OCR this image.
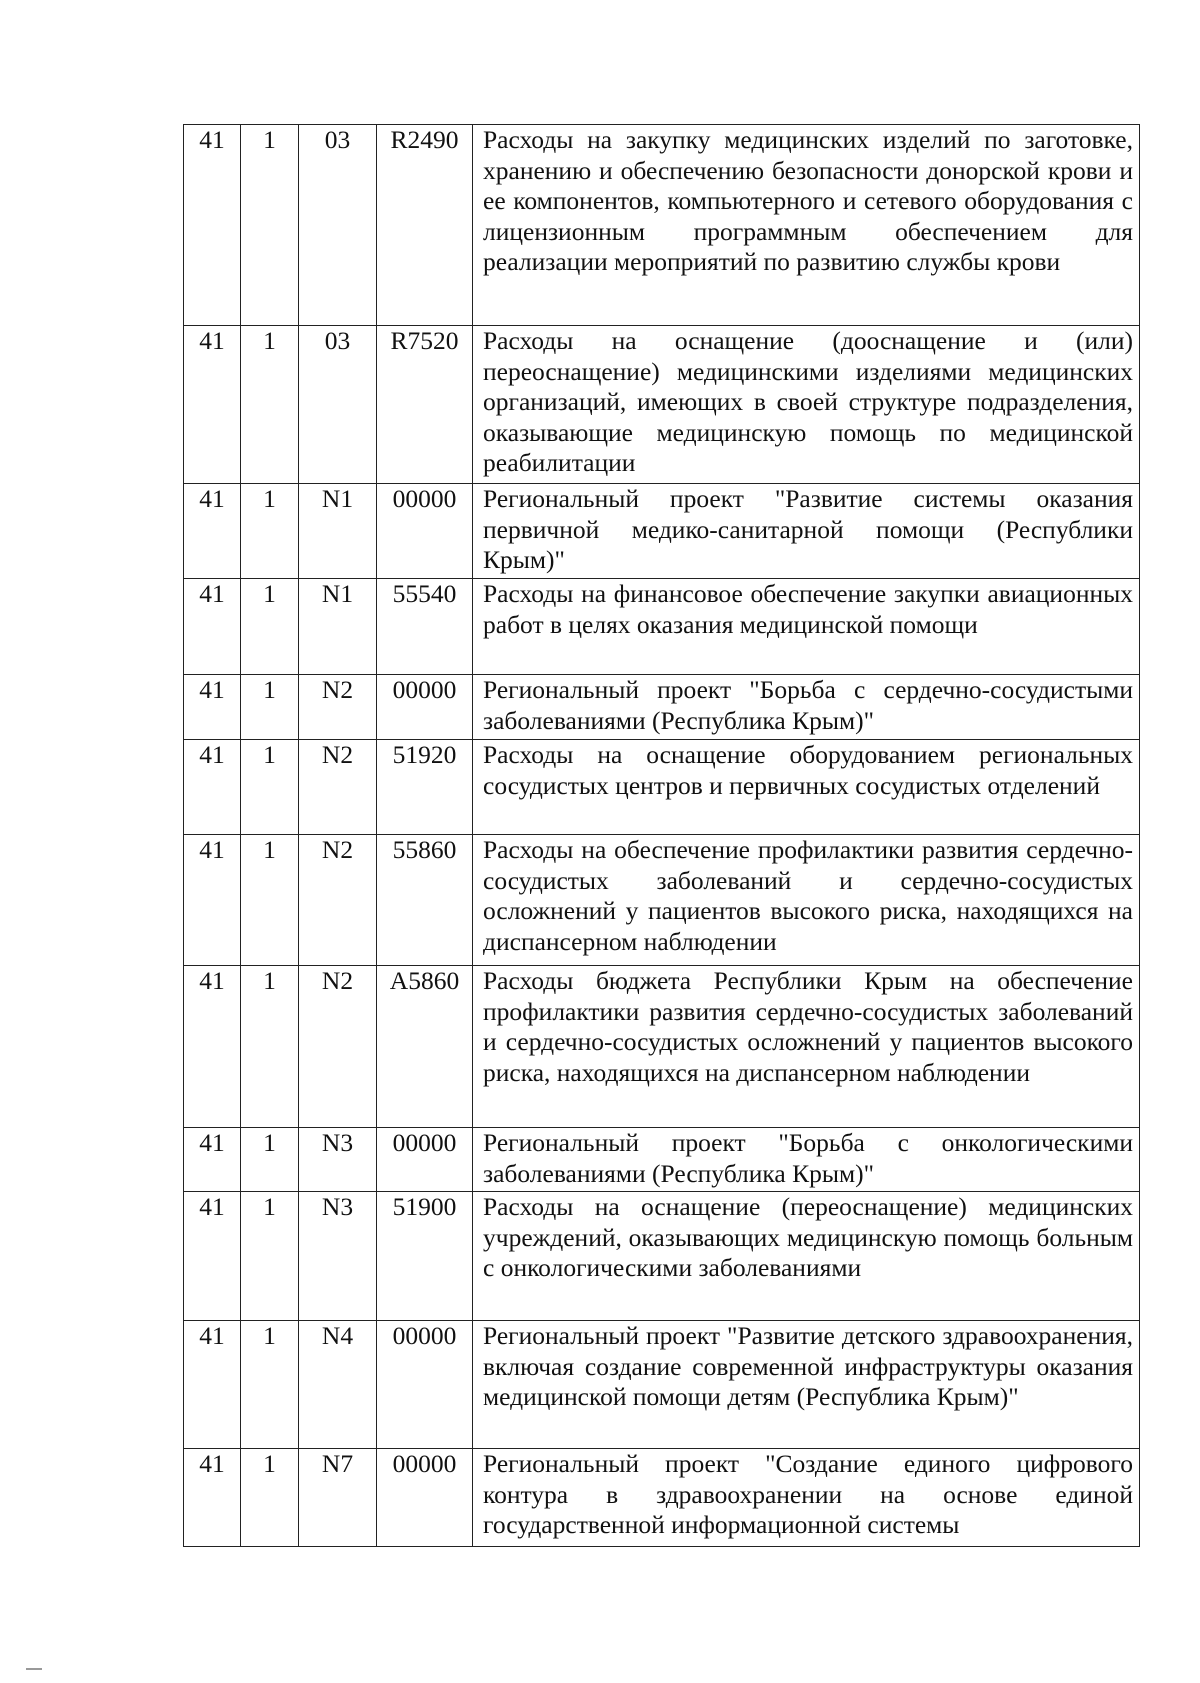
41	1	03	R2490	Расходы на закупку медицинских изделий по заготовке, хранению и обеспечению безопасности донорской крови и ее компонентов, компьютерного и сетевого оборудования с лицензионным программным обеспечением для реализации мероприятий по развитию службы крови
41	1	03	R7520	Расходы на оснащение (дооснащение и (или) переоснащение) медицинскими изделиями медицинских организаций, имеющих в своей структуре подразделения, оказывающие медицинскую помощь по медицинской реабилитации
41	1	N1	00000	Региональный проект "Развитие системы оказания первичной медико-санитарной помощи (Республики Крым)"
41	1	N1	55540	Расходы на финансовое обеспечение закупки авиационных работ в целях оказания медицинской помощи
41	1	N2	00000	Региональный проект "Борьба с сердечно-сосудистыми заболеваниями (Республика Крым)"
41	1	N2	51920	Расходы на оснащение оборудованием региональных сосудистых центров и первичных сосудистых отделений
41	1	N2	55860	Расходы на обеспечение профилактики развития сердечно-сосудистых заболеваний и сердечно-сосудистых осложнений у пациентов высокого риска, находящихся на диспансерном наблюдении
41	1	N2	А5860	Расходы бюджета Республики Крым на обеспечение профилактики развития сердечно-сосудистых заболеваний и сердечно-сосудистых осложнений у пациентов высокого риска, находящихся на диспансерном наблюдении
41	1	N3	00000	Региональный проект "Борьба с онкологическими заболеваниями (Республика Крым)"
41	1	N3	51900	Расходы на оснащение (переоснащение) медицинских учреждений, оказывающих медицинскую помощь больным с онкологическими заболеваниями
41	1	N4	00000	Региональный проект "Развитие детского здравоохранения, включая создание современной инфраструктуры оказания медицинской помощи детям (Республика Крым)"
41	1	N7	00000	Региональный проект "Создание единого цифрового контура в здравоохранении на основе единой государственной информационной системы
